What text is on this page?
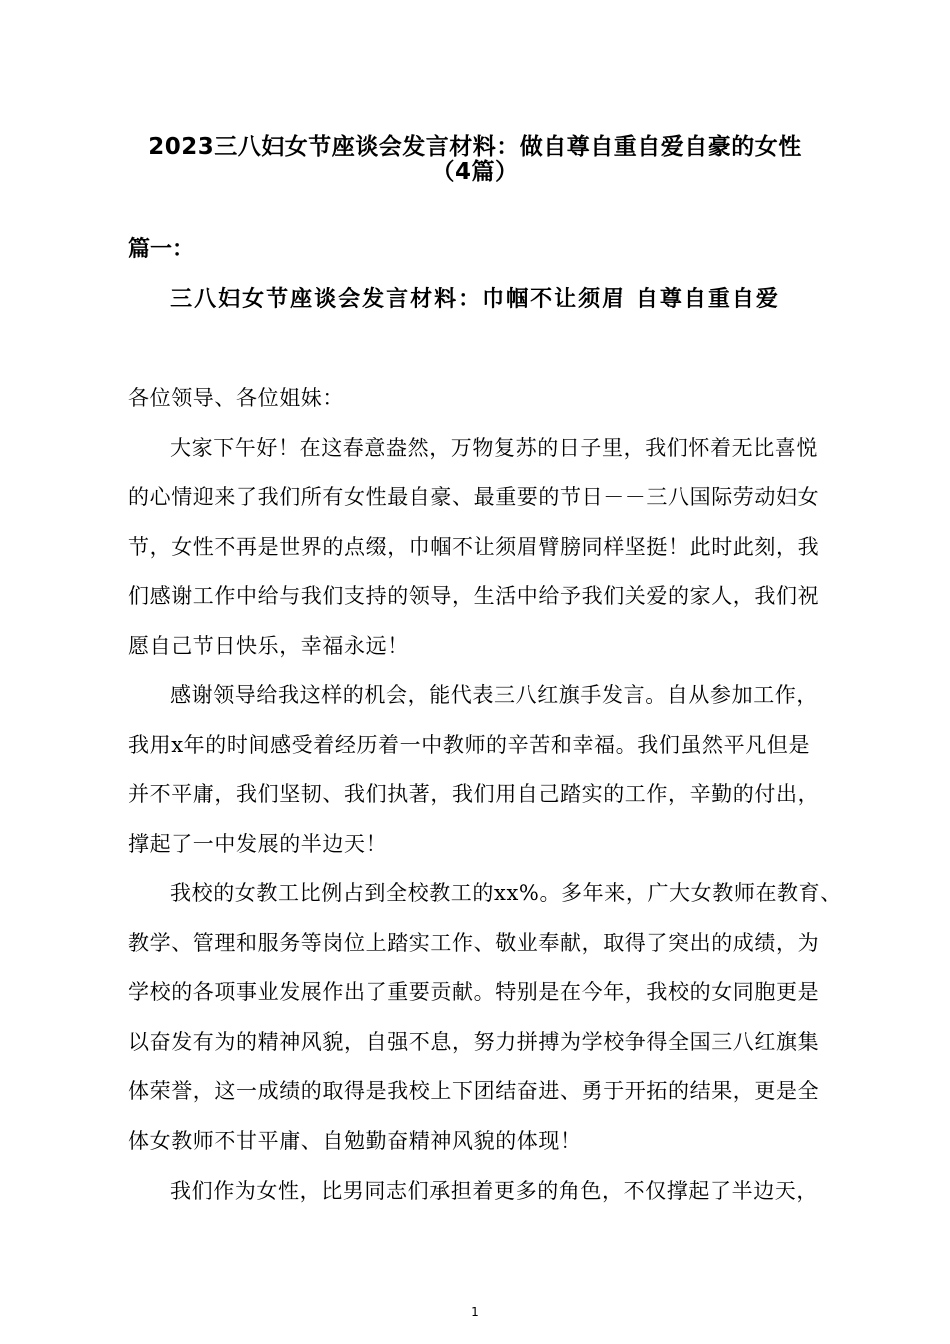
2023三八妇女节座谈会发言材料：做自尊自重自爱自豪的女性
（4篇）
篇一：
三八妇女节座谈会发言材料：巾帼不让须眉 自尊自重自爱
各位领导、各位姐妹：
大家下午好！在这春意盎然，万物复苏的日子里，我们怀着无比喜悦
的心情迎来了我们所有女性最自豪、最重要的节日－－三八国际劳动妇女
节，女性不再是世界的点缀，巾帼不让须眉臂膀同样坚挺！此时此刻，我
们感谢工作中给与我们支持的领导，生活中给予我们关爱的家人，我们祝
愿自己节日快乐，幸福永远！
感谢领导给我这样的机会，能代表三八红旗手发言。自从参加工作，
我用x年的时间感受着经历着一中教师的辛苦和幸福。我们虽然平凡但是
并不平庸，我们坚韧、我们执著，我们用自己踏实的工作，辛勤的付出，
撑起了一中发展的半边天！
我校的女教工比例占到全校教工的xx%。多年来，广大女教师在教育、
教学、管理和服务等岗位上踏实工作、敬业奉献，取得了突出的成绩，为
学校的各项事业发展作出了重要贡献。特别是在今年，我校的女同胞更是
以奋发有为的精神风貌，自强不息，努力拼搏为学校争得全国三八红旗集
体荣誉，这一成绩的取得是我校上下团结奋进、勇于开拓的结果，更是全
体女教师不甘平庸、自勉勤奋精神风貌的体现！
我们作为女性，比男同志们承担着更多的角色，不仅撑起了半边天，
1
